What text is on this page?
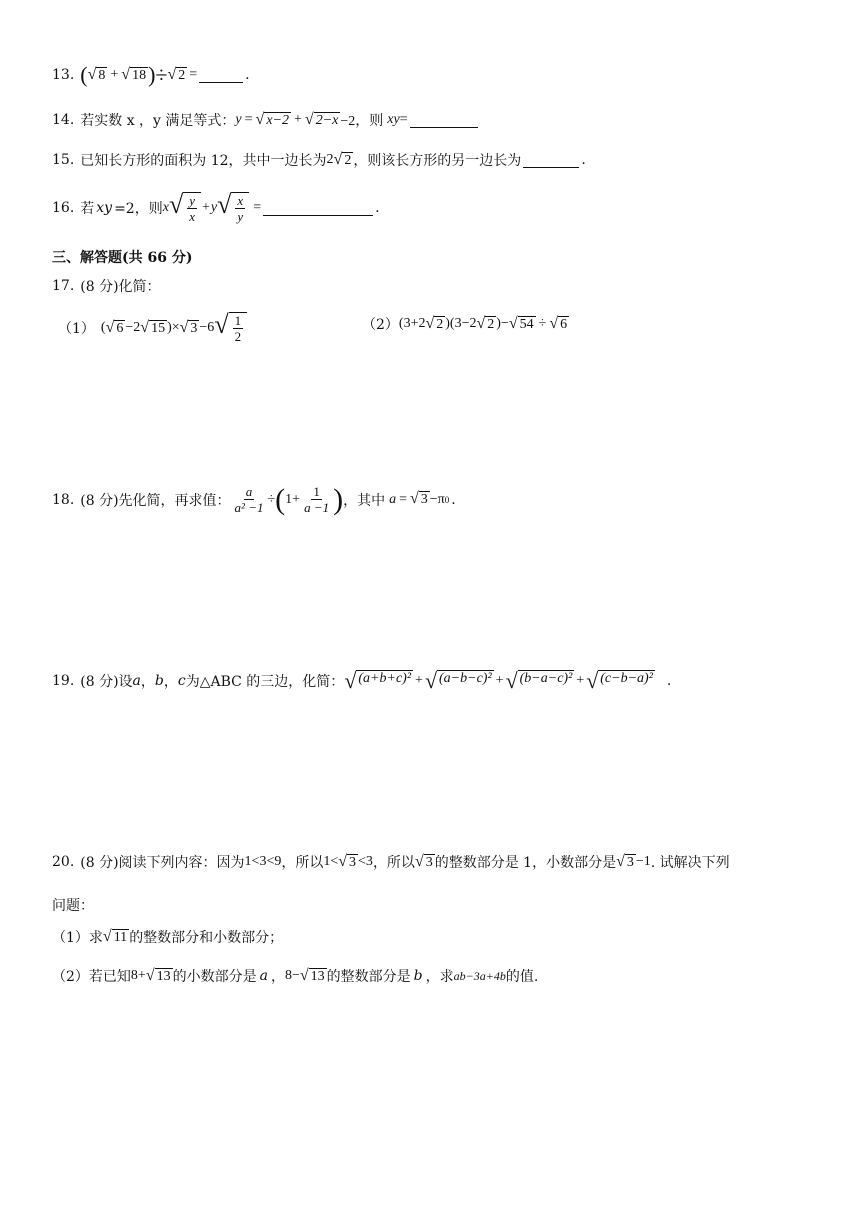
13. ( √ 8 + √ 18 )÷ √ 2 =	.
14. 若实数 x ，y 满足等式： y = √ x−2 + √ 2−x −2，则 xy =
15. 已知长方形的面积为 12，共中一边长为 2 √ 2 ，则该长方形的另一边长为	.
16. 若 xy =2，则 x √ $\frac{y}{x} + y$ √ $\frac{x}{y}$ =	.
三、解答题(共 66 分)
17. (8 分)化简：
（1） ( √ 6 −2 √ 15 )× √ 3 −6 √ $\frac{1}{2}$	（2） (3+2 √ 2 )(3−2 √ 2 )− √ 54 ÷ √ 6
18. (8 分)先化简，再求值： $\frac{a}{\text{a² −1}}$ ÷ ( $1+ \frac{1}{a -1}$ ) ，其中 a = √ 3 −π 0 .
19. (8 分)设 a ， b ， c 为△ABC 的三边，化简： √ (a+b+c)² + √ (a−b−c)² + √ (b−a−c)² + √ (c−b−a)² .
20. (8 分)阅读下列内容：因为 1<3<9 ，所以 1< √ 3 <3 ，所以 √ 3 的整数部分是 1，小数部分是 √ 3 −1 . 试解决下列
问题：
（1）求 √ 11 的整数部分和小数部分；
（2）若已知 8+ √ 13 的小数部分是 a ， 8− √ 13 的整数部分是 b ，求 ab−3a+4b 的值.
